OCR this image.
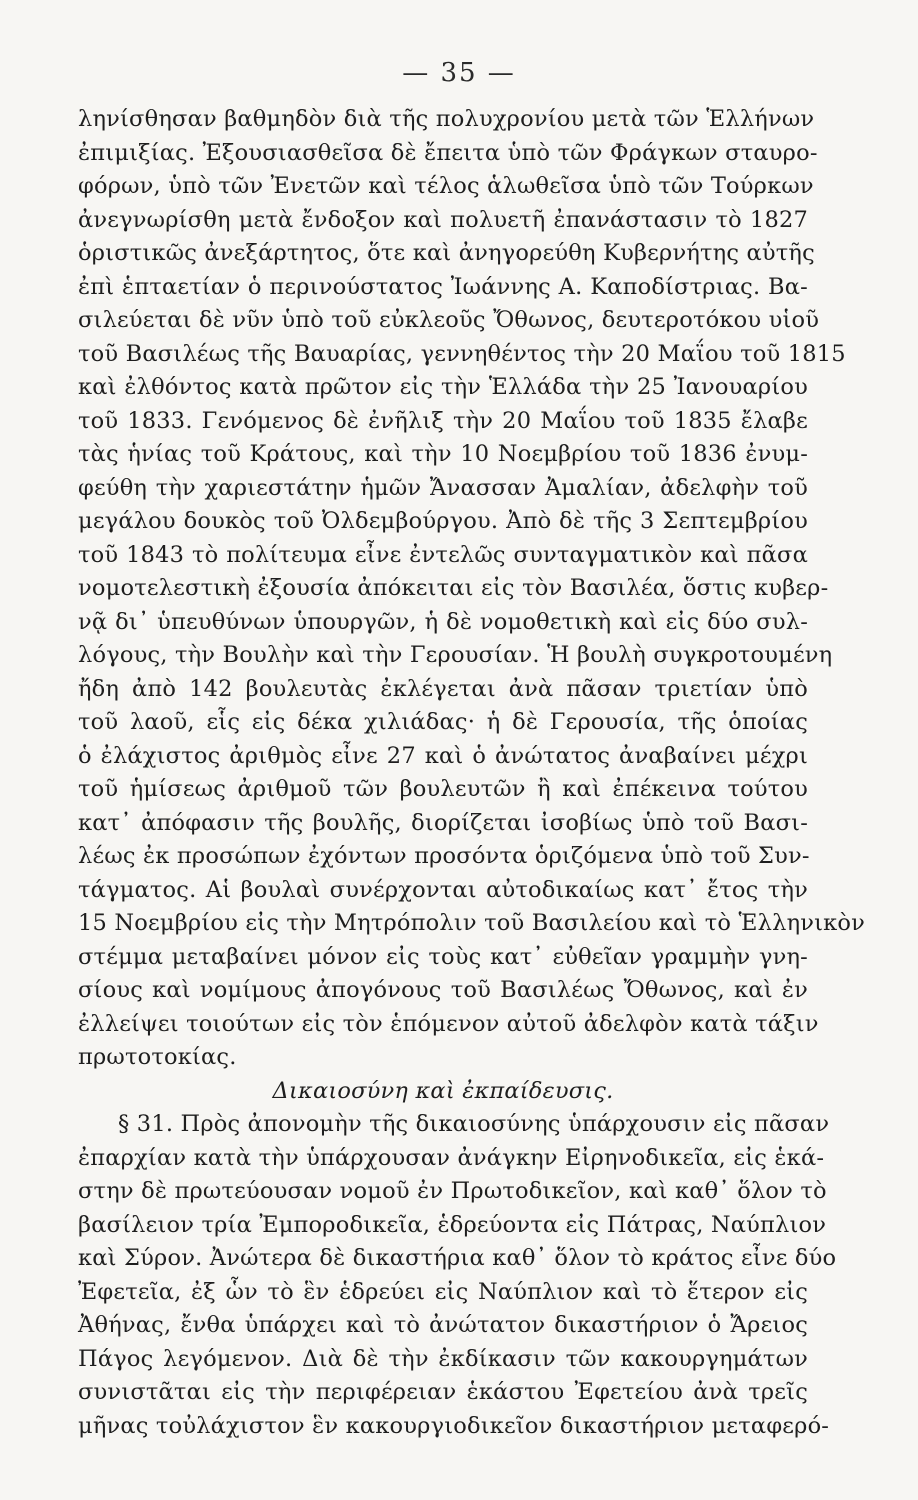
— 35 —
ληνίσθησαν βαθμηδὸν διὰ τῆς πολυχρονίου μετὰ τῶν Ἑλλήνων
ἐπιμιξίας. Ἐξουσιασθεῖσα δὲ ἔπειτα ὑπὸ τῶν Φράγκων σταυρο-
φόρων, ὑπὸ τῶν Ἐνετῶν καὶ τέλος ἁλωθεῖσα ὑπὸ τῶν Τούρκων
ἀνεγνωρίσθη μετὰ ἔνδοξον καὶ πολυετῆ ἐπανάστασιν τὸ 1827
ὁριστικῶς ἀνεξάρτητος, ὅτε καὶ ἀνηγορεύθη Κυβερνήτης αὐτῆς
ἐπὶ ἑπταετίαν ὁ περινούστατος Ἰωάννης Α. Καποδίστριας. Βα-
σιλεύεται δὲ νῦν ὑπὸ τοῦ εὐκλεοῦς Ὄθωνος, δευτεροτόκου υἱοῦ
τοῦ Βασιλέως τῆς Βαυαρίας, γεννηθέντος τὴν 20 Μαΐου τοῦ 1815
καὶ ἐλθόντος κατὰ πρῶτον εἰς τὴν Ἑλλάδα τὴν 25 Ἰανουαρίου
τοῦ 1833. Γενόμενος δὲ ἐνῆλιξ τὴν 20 Μαΐου τοῦ 1835 ἔλαβε
τὰς ἡνίας τοῦ Κράτους, καὶ τὴν 10 Νοεμβρίου τοῦ 1836 ἐνυμ-
φεύθη τὴν χαριεστάτην ἡμῶν Ἄνασσαν Ἀμαλίαν, ἀδελφὴν τοῦ
μεγάλου δουκὸς τοῦ Ὀλδεμβούργου. Ἀπὸ δὲ τῆς 3 Σεπτεμβρίου
τοῦ 1843 τὸ πολίτευμα εἶνε ἐντελῶς συνταγματικὸν καὶ πᾶσα
νομοτελεστικὴ ἐξουσία ἀπόκειται εἰς τὸν Βασιλέα, ὅστις κυβερ-
νᾷ δι᾽ ὑπευθύνων ὑπουργῶν, ἡ δὲ νομοθετικὴ καὶ εἰς δύο συλ-
λόγους, τὴν Βουλὴν καὶ τὴν Γερουσίαν. Ἡ βουλὴ συγκροτουμένη
ἤδη ἀπὸ 142 βουλευτὰς ἐκλέγεται ἀνὰ πᾶσαν τριετίαν ὑπὸ
τοῦ λαοῦ, εἷς εἰς δέκα χιλιάδας· ἡ δὲ Γερουσία, τῆς ὁποίας
ὁ ἐλάχιστος ἀριθμὸς εἶνε 27 καὶ ὁ ἀνώτατος ἀναβαίνει μέχρι
τοῦ ἡμίσεως ἀριθμοῦ τῶν βουλευτῶν ἢ καὶ ἐπέκεινα τούτου
κατ᾽ ἀπόφασιν τῆς βουλῆς, διορίζεται ἰσοβίως ὑπὸ τοῦ Βασι-
λέως ἐκ προσώπων ἐχόντων προσόντα ὁριζόμενα ὑπὸ τοῦ Συν-
τάγματος. Αἱ βουλαὶ συνέρχονται αὐτοδικαίως κατ᾽ ἔτος τὴν
15 Νοεμβρίου εἰς τὴν Μητρόπολιν τοῦ Βασιλείου καὶ τὸ Ἑλληνικὸν
στέμμα μεταβαίνει μόνον εἰς τοὺς κατ᾽ εὐθεῖαν γραμμὴν γνη-
σίους καὶ νομίμους ἀπογόνους τοῦ Βασιλέως Ὄθωνος, καὶ ἐν
ἐλλείψει τοιούτων εἰς τὸν ἑπόμενον αὐτοῦ ἀδελφὸν κατὰ τάξιν
πρωτοτοκίας.
Δικαιοσύνη καὶ ἐκπαίδευσις.
§ 31. Πρὸς ἀπονομὴν τῆς δικαιοσύνης ὑπάρχουσιν εἰς πᾶσαν
ἐπαρχίαν κατὰ τὴν ὑπάρχουσαν ἀνάγκην Εἰρηνοδικεῖα, εἰς ἑκά-
στην δὲ πρωτεύουσαν νομοῦ ἐν Πρωτοδικεῖον, καὶ καθ᾽ ὅλον τὸ
βασίλειον τρία Ἐμποροδικεῖα, ἑδρεύοντα εἰς Πάτρας, Ναύπλιον
καὶ Σύρον. Ἀνώτερα δὲ δικαστήρια καθ᾽ ὅλον τὸ κράτος εἶνε δύο
Ἐφετεῖα, ἐξ ὧν τὸ ἓν ἑδρεύει εἰς Ναύπλιον καὶ τὸ ἕτερον εἰς
Ἀθήνας, ἔνθα ὑπάρχει καὶ τὸ ἀνώτατον δικαστήριον ὁ Ἄρειος
Πάγος λεγόμενον. Διὰ δὲ τὴν ἐκδίκασιν τῶν κακουργημάτων
συνιστᾶται εἰς τὴν περιφέρειαν ἑκάστου Ἐφετείου ἀνὰ τρεῖς
μῆνας τοὐλάχιστον ἓν κακουργιοδικεῖον δικαστήριον μεταφερό-
